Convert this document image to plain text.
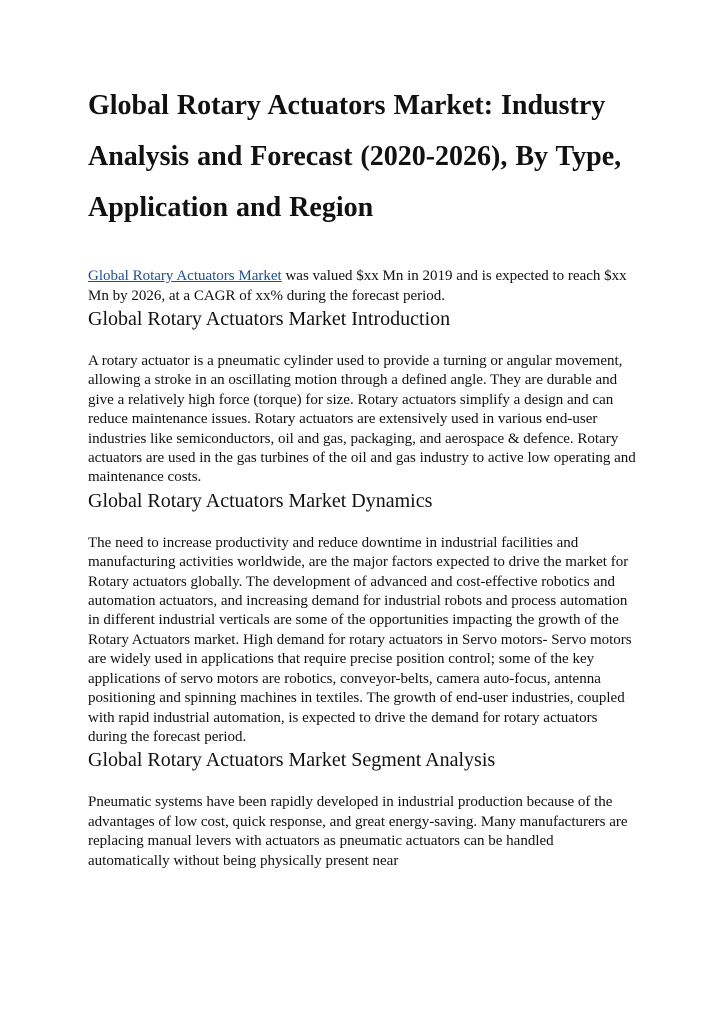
Global Rotary Actuators Market: Industry Analysis and Forecast (2020-2026), By Type, Application and Region

Global Rotary Actuators Market was valued $xx Mn in 2019 and is expected to reach $xx Mn by 2026, at a CAGR of xx% during the forecast period.

Global Rotary Actuators Market Introduction

A rotary actuator is a pneumatic cylinder used to provide a turning or angular movement, allowing a stroke in an oscillating motion through a defined angle. They are durable and give a relatively high force (torque) for size. Rotary actuators simplify a design and can reduce maintenance issues. Rotary actuators are extensively used in various end-user industries like semiconductors, oil and gas, packaging, and aerospace & defence. Rotary actuators are used in the gas turbines of the oil and gas industry to active low operating and maintenance costs.

Global Rotary Actuators Market Dynamics

The need to increase productivity and reduce downtime in industrial facilities and manufacturing activities worldwide, are the major factors expected to drive the market for Rotary actuators globally. The development of advanced and cost-effective robotics and automation actuators, and increasing demand for industrial robots and process automation in different industrial verticals are some of the opportunities impacting the growth of the Rotary Actuators market. High demand for rotary actuators in Servo motors- Servo motors are widely used in applications that require precise position control; some of the key applications of servo motors are robotics, conveyor-belts, camera auto-focus, antenna positioning and spinning machines in textiles. The growth of end-user industries, coupled with rapid industrial automation, is expected to drive the demand for rotary actuators during the forecast period.

Global Rotary Actuators Market Segment Analysis

Pneumatic systems have been rapidly developed in industrial production because of the advantages of low cost, quick response, and great energy-saving. Many manufacturers are replacing manual levers with actuators as pneumatic actuators can be handled automatically without being physically present near
